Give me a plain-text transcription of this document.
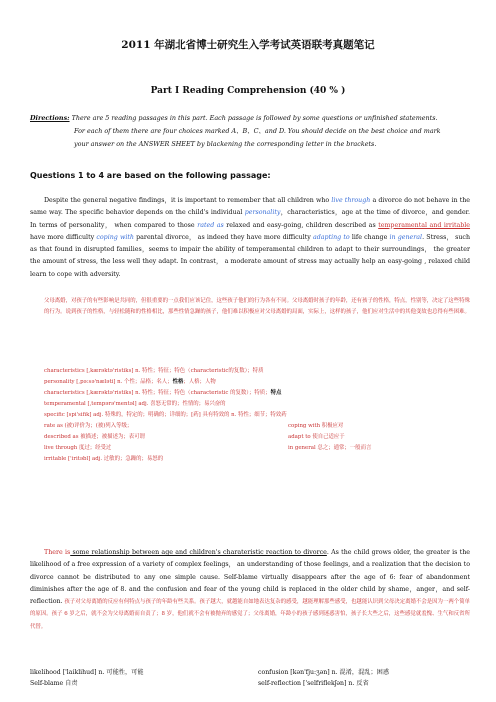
2011 年湖北省博士研究生入学考试英语联考真题笔记
Part I Reading Comprehension (40 % )
Directions: There are 5 reading passages in this part. Each passage is followed by some questions or unfinished statements.
For each of them there are four choices marked A、B、C、and D. You should decide on the best choice and mark
your answer on the ANSWER SHEET by blackening the corresponding letter in the brackets.
Questions 1 to 4 are based on the following passage:
Despite the general negative findings，it is important to remember that all children who live through a divorce do not behave in the same way. The specific behavior depends on the child's individual personality，characteristics，age at the time of divorce，and gender. In terms of personality， when compared to those rated as relaxed and easy-going, children described as temperamental and irritable have more difficulty coping with parental divorce， as indeed they have more difficulty adapting to life change in general. Stress， such as that found in disrupted families，seems to impair the ability of temperamental children to adapt to their surroundings， the greater the amount of stress, the less well they adapt. In contrast， a moderate amount of stress may actually help an easy-going , relaxed child learn to cope with adversity.
父母离婚，对孩子的有些影响是共同的，但很重要的一点我们应该记住，这些孩子他们的行为各有不同。父母离婚时孩子的年龄，还有孩子的性格，特点，性别等，决定了这些特殊的行为。说到孩子的性格，与轻松随和的性格相比，那些性情急躁的孩子，他们难以积极应对父母离婚的局面，实际上，这样的孩子，他们应对生活中的其他变故也总得有些困难。
characteristics [,kærəktə'ristiks] n. 特性；特征；特色（characteristic的复数）；特质
personality [,pə:sə'næləti] n. 个性；品格；名人；性格；人格；人物
characteristics [,kærəktə'ristiks] n. 特性；特征；特色（characteristic 的复数）；特质；特点
temperamental [,tempərə'mentəl] adj. 喜怒无常的；性情的；易兴奋的
specific [spi'sifik] adj. 特殊的，特定的；明确的；详细的；[药] 具有特效的 n. 特性；细节；特效药
rate as (被)评价为；(被)列入等级；	coping with 积极应对
described as 被描述；被描述为；表可谓	adapt to 使自己适应于
live through 度过；经受过	in general 总之；通常；一般而言
irritable ['iritəbl] adj. 过敏的；急躁的；易怒的
There is some relationship between age and children's charateristic reaction to divorce. As the child grows older, the greater is the likelihood of a free expression of a variety of complex feelings， an understanding of those feelings, and a realization that the decision to divorce cannot be distributed to any one simple cause. Self-blame virtually disappears after the age of 6: fear of abandonment diminishes after the age of 8. and the confusion and fear of the young child is replaced in the older child by shame，anger，and self-reflection. 孩子对父母离婚的反应有何特点与孩子的年龄有些关系。孩子越大，就越能自如地表达复杂的感受，越能理解那些感受，也越能认识到父母决定离婚不会是因为一两个简单的原因。孩子 6 岁之后，就不会为父母离婚而自责了；8 岁，他们就不会有被抛弃的感觉了；父母离婚，年龄小的孩子感到迷惑害怕，孩子长大些之后，这些感觉就羞愧、生气和反省所代替。
likelihood ['laiklihud] n. 可能性，可能	confusion [kən'fju:ʒən] n. 混淆，混乱；困惑
Self-blame 自责	self-reflection ['selfriflekʃən] n. 反省
